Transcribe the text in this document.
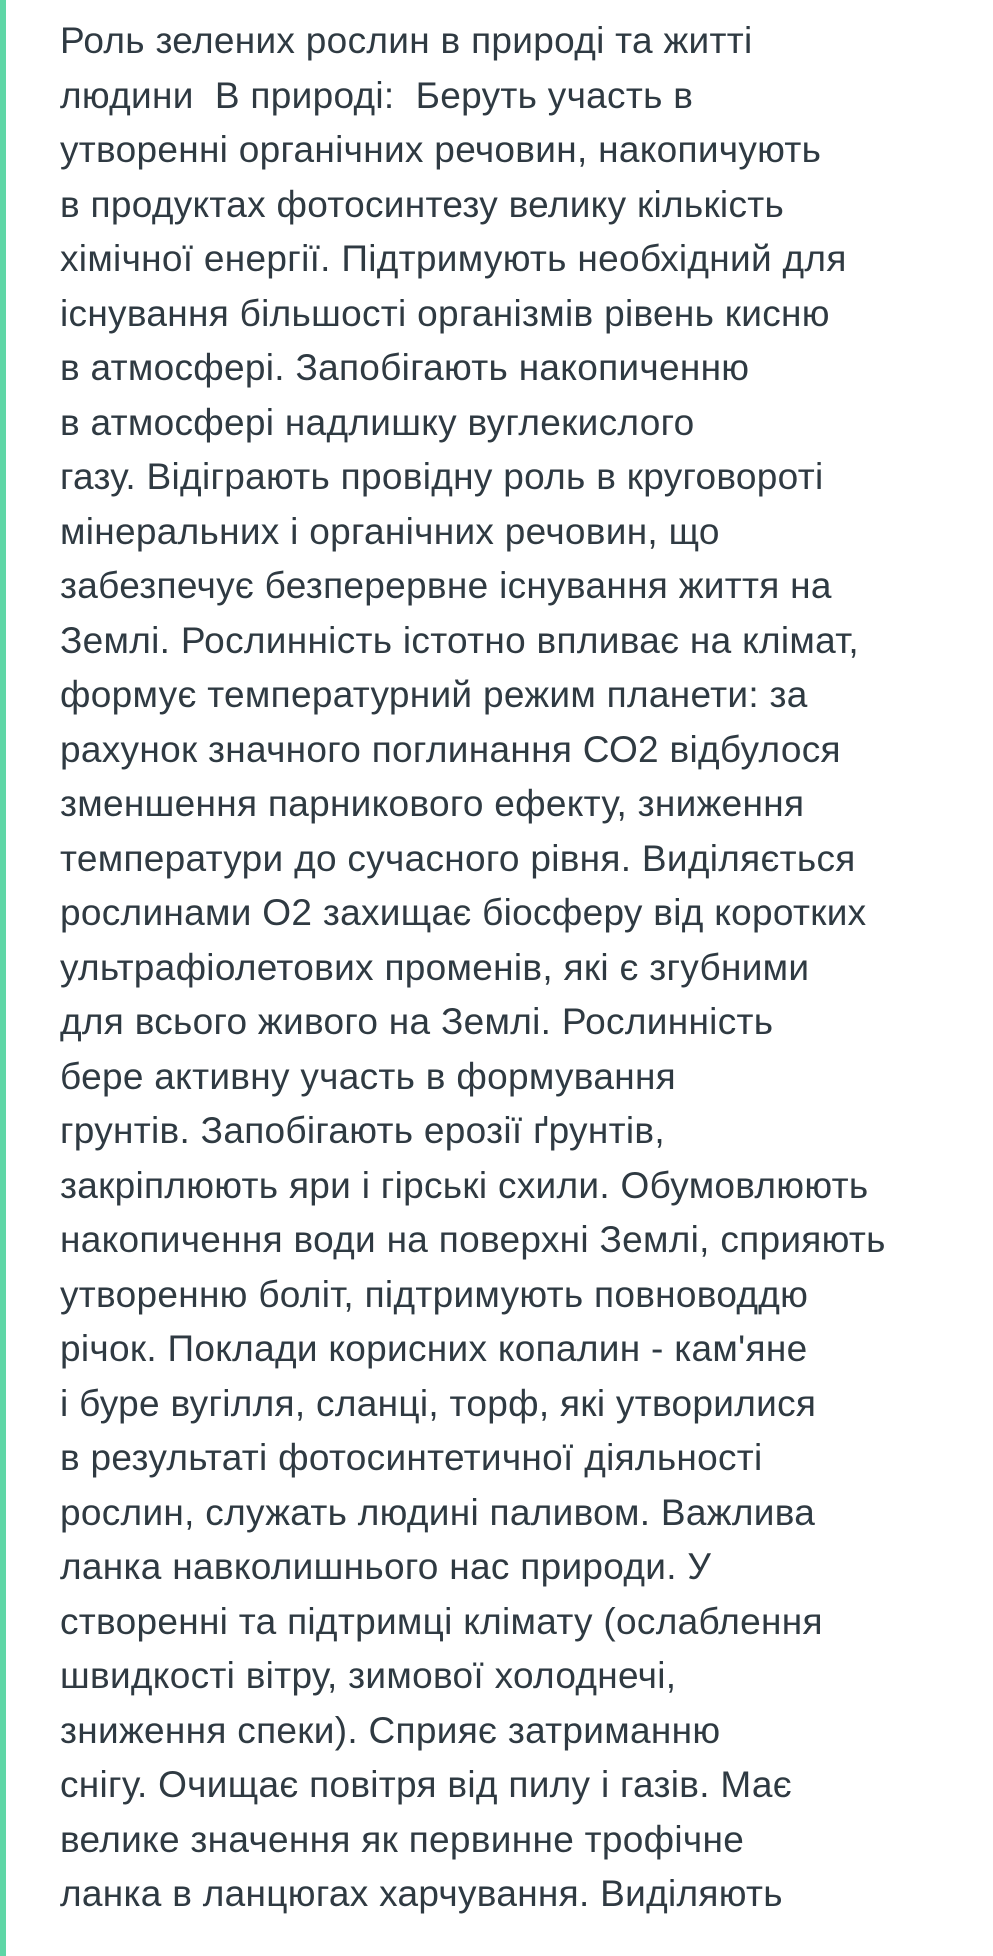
Роль зелених рослин в природі та житті
людини  В природі:  Беруть участь в
утворенні органічних речовин, накопичують
в продуктах фотосинтезу велику кількість
хімічної енергії. Підтримують необхідний для
існування більшості організмів рівень кисню
в атмосфері. Запобігають накопиченню
в атмосфері надлишку вуглекислого
газу. Відіграють провідну роль в круговороті
мінеральних і органічних речовин, що
забезпечує безперервне існування життя на
Землі. Рослинність істотно впливає на клімат,
формує температурний режим планети: за
рахунок значного поглинання СО2 відбулося
зменшення парникового ефекту, зниження
температури до сучасного рівня. Виділяється
рослинами О2 захищає біосферу від коротких
ультрафіолетових променів, які є згубними
для всього живого на Землі. Рослинність
бере активну участь в формування
грунтів. Запобігають ерозії ґрунтів,
закріплюють яри і гірські схили. Обумовлюють
накопичення води на поверхні Землі, сприяють
утворенню боліт, підтримують повноводдю
річок. Поклади корисних копалин - кам'яне
і буре вугілля, сланці, торф, які утворилися
в результаті фотосинтетичної діяльності
рослин, служать людині паливом. Важлива
ланка навколишнього нас природи. У
створенні та підтримці клімату (ослаблення
швидкості вітру, зимової холоднечі,
зниження спеки). Сприяє затриманню
снігу. Очищає повітря від пилу і газів. Має
велике значення як первинне трофічне
ланка в ланцюгах харчування. Виділяють
